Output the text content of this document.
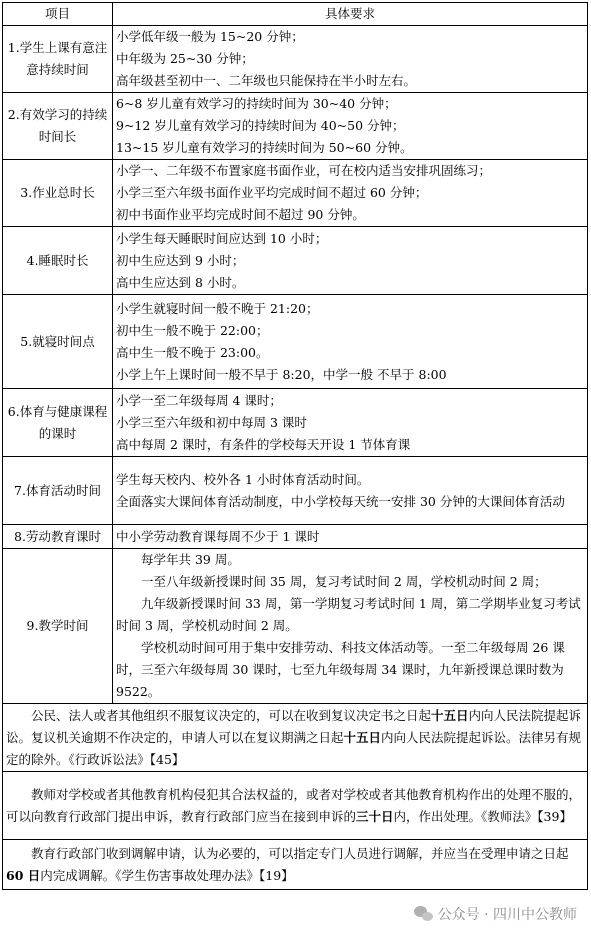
项目	具体要求
1.学生上课有意注意持续时间	小学低年级一般为 15~20 分钟；
中年级为 25~30 分钟；
高年级甚至初中一、二年级也只能保持在半小时左右。

2.有效学习的持续时间长	6~8 岁儿童有效学习的持续时间为 30~40 分钟；
9~12 岁儿童有效学习的持续时间为 40~50 分钟；
13~15 岁儿童有效学习的持续时间为 50~60 分钟。

3.作业总时长	小学一、二年级不布置家庭书面作业，可在校内适当安排巩固练习；
小学三至六年级书面作业平均完成时间不超过 60 分钟；
初中书面作业平均完成时间不超过 90 分钟。

4.睡眠时长	小学生每天睡眠时间应达到 10 小时；
初中生应达到 9 小时；
高中生应达到 8 小时。

5.就寝时间点	小学生就寝时间一般不晚于 21:20；
初中生一般不晚于 22:00；
高中生一般不晚于 23:00。
小学上午上课时间一般不早于 8:20，中学一般 不早于 8:00

6.体育与健康课程的课时	小学一至二年级每周 4 课时；
小学三至六年级和初中每周 3 课时
高中每周 2 课时，有条件的学校每天开设 1 节体育课

7.体育活动时间	学生每天校内、校外各 1 小时体育活动时间。
全面落实大课间体育活动制度，中小学校每天统一安排 30 分钟的大课间体育活动

8.劳动教育课时	中小学劳动教育课每周不少于 1 课时

9.教学时间	每学年共 39 周。
一至八年级新授课时间 35 周，复习考试时间 2 周，学校机动时间 2 周；
九年级新授课时间 33 周，第一学期复习考试时间 1 周，第二学期毕业复习考试时间 3 周，学校机动时间 2 周。
学校机动时间可用于集中安排劳动、科技文体活动等。一至二年级每周 26 课时，三至六年级每周 30 课时，七至九年级每周 34 课时，九年新授课总课时数为 9522。

公民、法人或者其他组织不服复议决定的，可以在收到复议决定书之日起十五日内向人民法院提起诉讼。复议机关逾期不作决定的，申请人可以在复议期满之日起十五日内向人民法院提起诉讼。法律另有规定的除外。《行政诉讼法》【45】	
教师对学校或者其他教育机构侵犯其合法权益的，或者对学校或者其他教育机构作出的处理不服的，可以向教育行政部门提出申诉，教育行政部门应当在接到申诉的三十日内，作出处理。《教师法》【39】	
教育行政部门收到调解申请，认为必要的，可以指定专门人员进行调解，并应当在受理申请之日起 60 日内完成调解。《学生伤害事故处理办法》【19】	
公众号 · 四川中公教师
